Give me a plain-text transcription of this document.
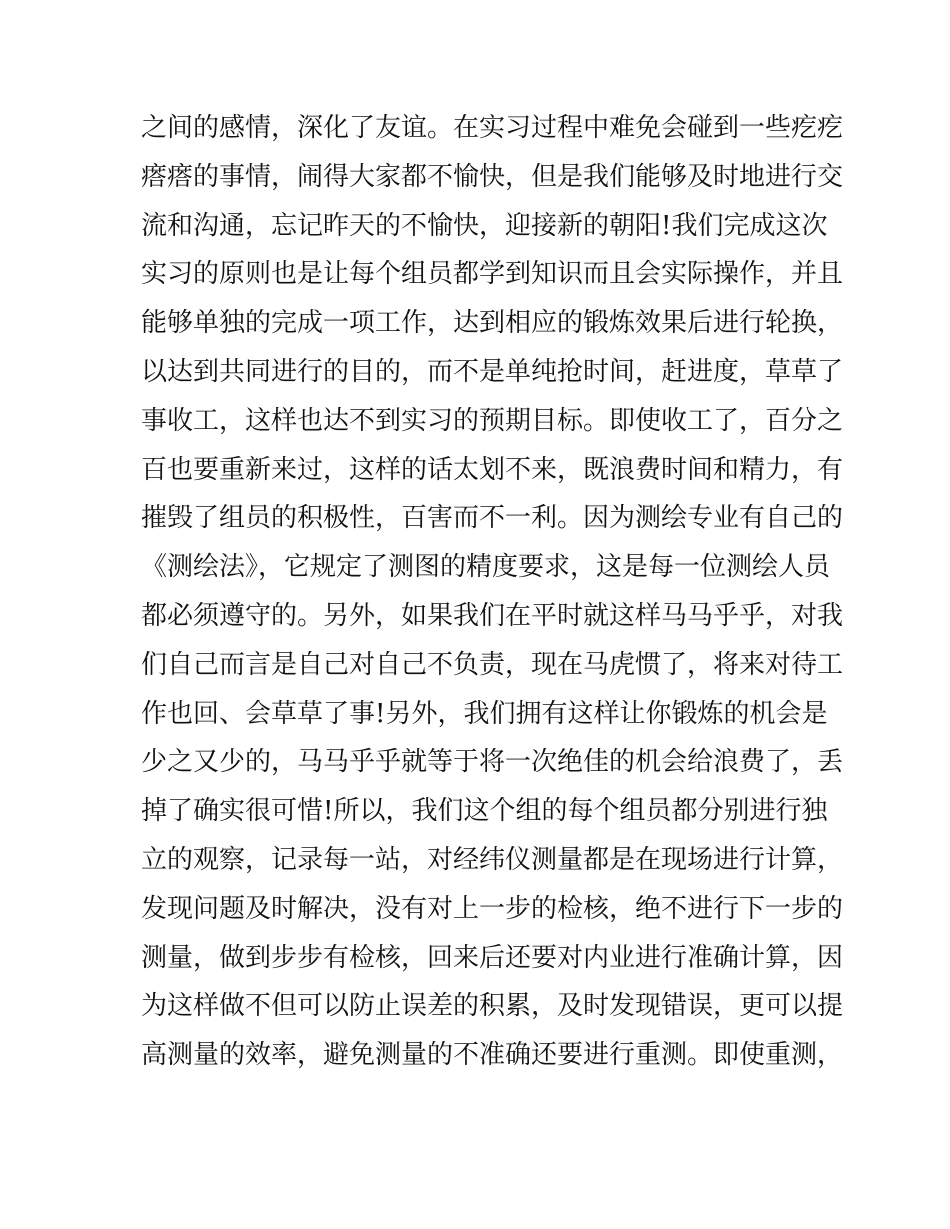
之间的感情，深化了友谊。在实习过程中难免会碰到一些疙疙
瘩瘩的事情，闹得大家都不愉快，但是我们能够及时地进行交
流和沟通，忘记昨天的不愉快，迎接新的朝阳!我们完成这次
实习的原则也是让每个组员都学到知识而且会实际操作，并且
能够单独的完成一项工作，达到相应的锻炼效果后进行轮换，
以达到共同进行的目的，而不是单纯抢时间，赶进度，草草了
事收工，这样也达不到实习的预期目标。即使收工了，百分之
百也要重新来过，这样的话太划不来，既浪费时间和精力，有
摧毁了组员的积极性，百害而不一利。因为测绘专业有自己的
《测绘法》，它规定了测图的精度要求，这是每一位测绘人员
都必须遵守的。另外，如果我们在平时就这样马马乎乎，对我
们自己而言是自己对自己不负责，现在马虎惯了，将来对待工
作也回、会草草了事!另外，我们拥有这样让你锻炼的机会是
少之又少的，马马乎乎就等于将一次绝佳的机会给浪费了，丢
掉了确实很可惜!所以，我们这个组的每个组员都分别进行独
立的观察，记录每一站，对经纬仪测量都是在现场进行计算，
发现问题及时解决，没有对上一步的检核，绝不进行下一步的
测量，做到步步有检核，回来后还要对内业进行准确计算，因
为这样做不但可以防止误差的积累，及时发现错误，更可以提
高测量的效率，避免测量的不准确还要进行重测。即使重测，
